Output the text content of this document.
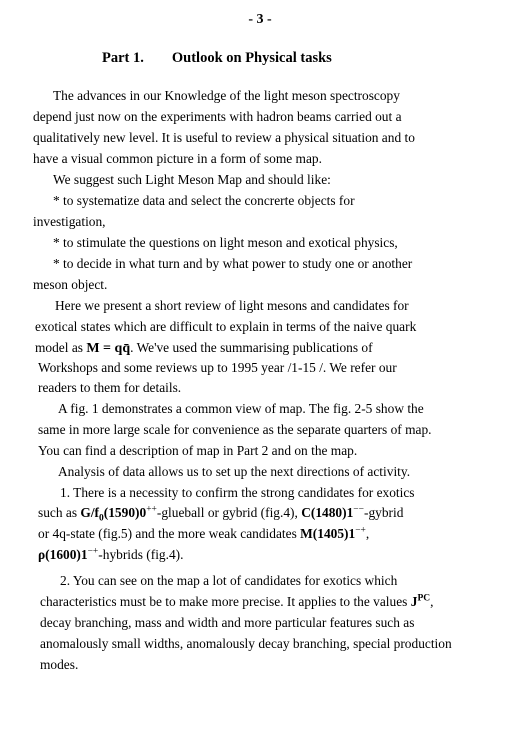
- 3 -
Part 1. Outlook on Physical tasks
The advances in our Knowledge of the light meson spectroscopy
depend just now on the experiments with hadron beams carried out a
qualitatively new level. It is useful to review a physical situation and to
have a visual common picture in a form of some map.
We suggest such Light Meson Map and should like:
* to systematize data and select the concrerte objects for
investigation,
* to stimulate the questions on light meson and exotical physics,
* to decide in what turn and by what power to study one or another
meson object.
Here we present a short review of light mesons and candidates for
exotical states which are difficult to explain in terms of the naive quark
model as M = qq̄. We've used the summarising publications of
Workshops and some reviews up to 1995 year /1-15 /. We refer our
readers to them for details.
A fig. 1 demonstrates a common view of map. The fig. 2-5 show the
same in more large scale for convenience as the separate quarters of map.
You can find a description of map in Part 2 and on the map.
Analysis of data allows us to set up the next directions of activity.
1. There is a necessity to confirm the strong candidates for exotics
such as $G/f_0(1590)0^{++}$-glueball or gybrid (fig.4), C(1480)1−−-gybrid
or 4q-state (fig.5) and the more weak candidates M(1405)1−+,
ρ(1600)1−+-hybrids (fig.4).
2. You can see on the map a lot of candidates for exotics which
characteristics must be to make more precise. It applies to the values $J^{PC}$,
decay branching, mass and width and more particular features such as
anomalously small widths, anomalously decay branching, special production
modes.
